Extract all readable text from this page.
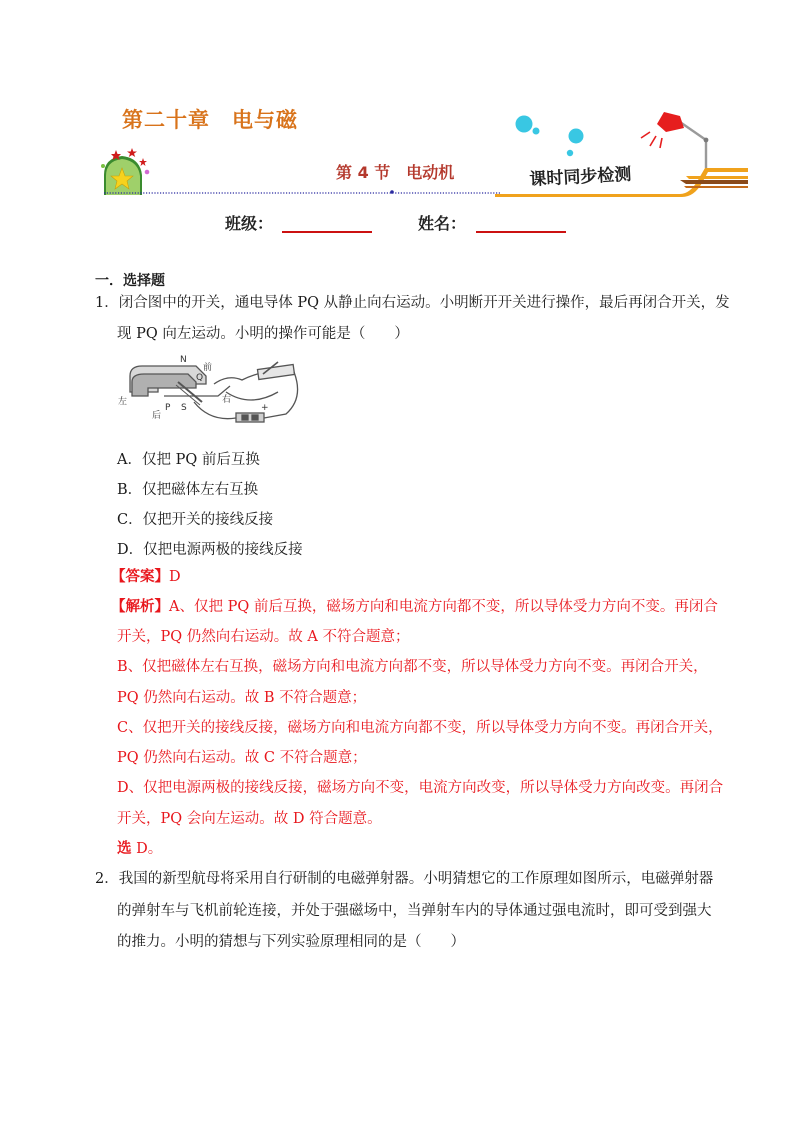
第二十章　电与磁
第 4 节　电动机	课时同步检测
班级：	姓名：
一．选择题
1．闭合图中的开关，通电导体 PQ 从静止向右运动。小明断开开关进行操作，最后再闭合开关，发
现 PQ 向左运动。小明的操作可能是（　　）
N
前
Q
左
P S
右
后
+
A．仅把 PQ 前后互换
B．仅把磁体左右互换
C．仅把开关的接线反接
D．仅把电源两极的接线反接
【答案】D
【解析】A、仅把 PQ 前后互换，磁场方向和电流方向都不变，所以导体受力方向不变。再闭合
开关，PQ 仍然向右运动。故 A 不符合题意；
B、仅把磁体左右互换，磁场方向和电流方向都不变，所以导体受力方向不变。再闭合开关，
PQ 仍然向右运动。故 B 不符合题意；
C、仅把开关的接线反接，磁场方向和电流方向都不变，所以导体受力方向不变。再闭合开关，
PQ 仍然向右运动。故 C 不符合题意；
D、仅把电源两极的接线反接，磁场方向不变，电流方向改变，所以导体受力方向改变。再闭合
开关，PQ 会向左运动。故 D 符合题意。
选 D。
2．我国的新型航母将采用自行研制的电磁弹射器。小明猜想它的工作原理如图所示，电磁弹射器
的弹射车与飞机前轮连接，并处于强磁场中，当弹射车内的导体通过强电流时，即可受到强大
的推力。小明的猜想与下列实验原理相同的是（　　）
